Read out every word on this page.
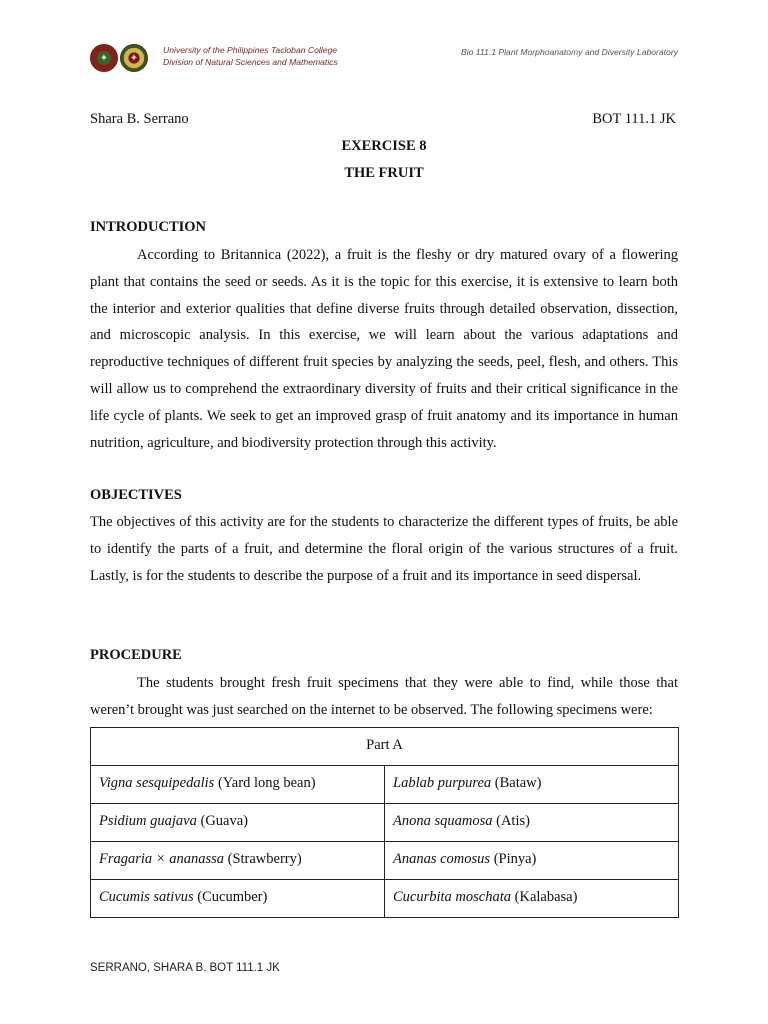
✦	✦
University of the Philippines Tacloban College
Division of Natural Sciences and Mathematics
Bio 111.1 Plant Morphoanatomy and Diversity Laboratory
Shara B. Serrano	BOT 111.1 JK
EXERCISE 8
THE FRUIT
INTRODUCTION

According to Britannica (2022), a fruit is the fleshy or dry matured ovary of a flowering plant that contains the seed or seeds. As it is the topic for this exercise, it is extensive to learn both the interior and exterior qualities that define diverse fruits through detailed observation, dissection, and microscopic analysis. In this exercise, we will learn about the various adaptations and reproductive techniques of different fruit species by analyzing the seeds, peel, flesh, and others. This will allow us to comprehend the extraordinary diversity of fruits and their critical significance in the life cycle of plants. We seek to get an improved grasp of fruit anatomy and its importance in human nutrition, agriculture, and biodiversity protection through this activity.

OBJECTIVES

The objectives of this activity are for the students to characterize the different types of fruits, be able to identify the parts of a fruit, and determine the floral origin of the various structures of a fruit. Lastly, is for the students to describe the purpose of a fruit and its importance in seed dispersal.

PROCEDURE

The students brought fresh fruit specimens that they were able to find, while those that weren’t brought was just searched on the internet to be observed. The following specimens were:

Part A	
Vigna sesquipedalis (Yard long bean)	Lablab purpurea (Bataw)
Psidium guajava (Guava)	Anona squamosa (Atis)
Fragaria × ananassa (Strawberry)	Ananas comosus (Pinya)
Cucumis sativus (Cucumber)	Cucurbita moschata (Kalabasa)
SERRANO, SHARA B. BOT 111.1 JK
